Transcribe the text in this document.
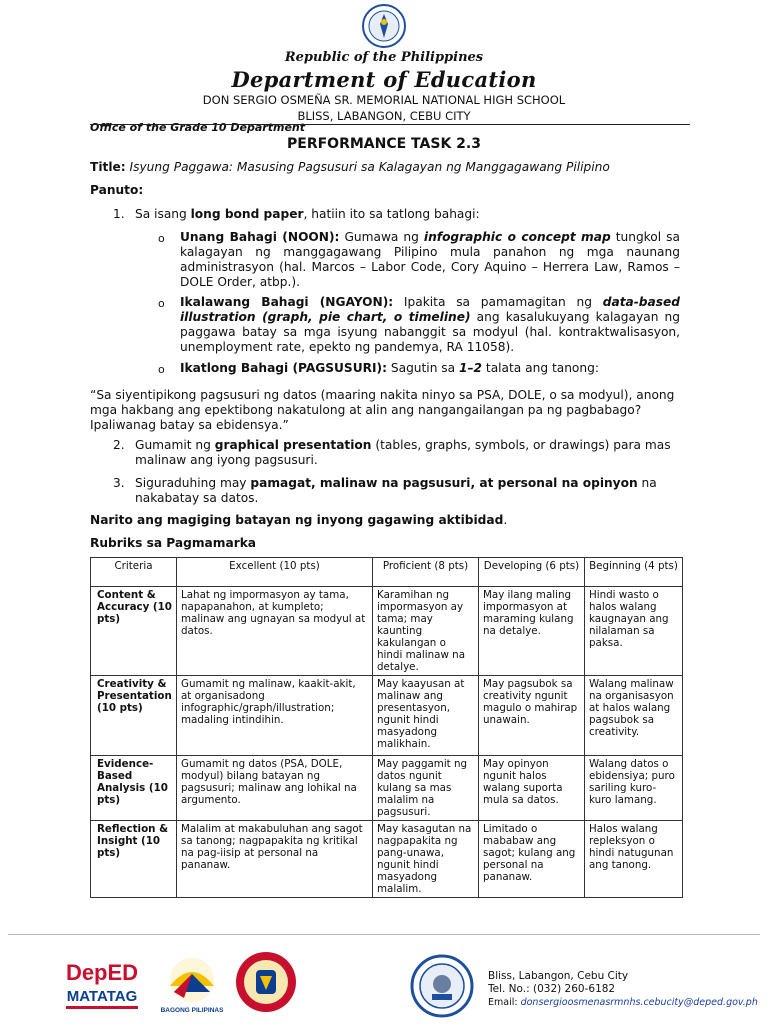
Republic of the Philippines
Department of Education
DON SERGIO OSMEÑA SR. MEMORIAL NATIONAL HIGH SCHOOL
BLISS, LABANGON, CEBU CITY
Office of the Grade 10 Department
PERFORMANCE TASK 2.3
Title: Isyung Paggawa: Masusing Pagsusuri sa Kalagayan ng Manggagawang Pilipino
Panuto:
1. Sa isang long bond paper, hatiin ito sa tatlong bahagi:
o Unang Bahagi (NOON): Gumawa ng infographic o concept map tungkol sa kalagayan ng manggagawang Pilipino mula panahon ng mga naunang administrasyon (hal. Marcos – Labor Code, Cory Aquino – Herrera Law, Ramos – DOLE Order, atbp.).
o Ikalawang Bahagi (NGAYON): Ipakita sa pamamagitan ng data-based illustration (graph, pie chart, o timeline) ang kasalukuyang kalagayan ng paggawa batay sa mga isyung nabanggit sa modyul (hal. kontraktwalisasyon, unemployment rate, epekto ng pandemya, RA 11058).
o Ikatlong Bahagi (PAGSUSURI): Sagutin sa 1–2 talata ang tanong:
“Sa siyentipikong pagsusuri ng datos (maaring nakita ninyo sa PSA, DOLE, o sa modyul), anong mga hakbang ang epektibong nakatulong at alin ang nangangailangan pa ng pagbabago? Ipaliwanag batay sa ebidensya.”
2. Gumamit ng graphical presentation (tables, graphs, symbols, or drawings) para mas malinaw ang iyong pagsusuri.
3. Siguraduhing may pamagat, malinaw na pagsusuri, at personal na opinyon na nakabatay sa datos.
Narito ang magiging batayan ng inyong gagawing aktibidad.
Rubriks sa Pagmamarka
Criteria	Excellent (10 pts)	Proficient (8 pts)	Developing (6 pts)	Beginning (4 pts)
Content & Accuracy (10 pts)	Lahat ng impormasyon ay tama, napapanahon, at kumpleto; malinaw ang ugnayan sa modyul at datos.	Karamihan ng impormasyon ay tama; may kaunting kakulangan o hindi malinaw na detalye.	May ilang maling impormasyon at maraming kulang na detalye.	Hindi wasto o halos walang kaugnayan ang nilalaman sa paksa.
Creativity & Presentation (10 pts)	Gumamit ng malinaw, kaakit-akit, at organisadong infographic/graph/illustration; madaling intindihin.	May kaayusan at malinaw ang presentasyon, ngunit hindi masyadong malikhain.	May pagsubok sa creativity ngunit magulo o mahirap unawain.	Walang malinaw na organisasyon at halos walang pagsubok sa creativity.
Evidence-Based Analysis (10 pts)	Gumamit ng datos (PSA, DOLE, modyul) bilang batayan ng pagsusuri; malinaw ang lohikal na argumento.	May paggamit ng datos ngunit kulang sa mas malalim na pagsusuri.	May opinyon ngunit halos walang suporta mula sa datos.	Walang datos o ebidensiya; puro sariling kuro-kuro lamang.
Reflection & Insight (10 pts)	Malalim at makabuluhan ang sagot sa tanong; nagpapakita ng kritikal na pag-iisip at personal na pananaw.	May kasagutan na nagpapakita ng pang-unawa, ngunit hindi masyadong malalim.	Limitado o mababaw ang sagot; kulang ang personal na pananaw.	Halos walang repleksyon o hindi natugunan ang tanong.
DepED
MATATAG
BAGONG PILIPINAS
Bliss, Labangon, Cebu City
Tel. No.: (032) 260-6182
Email: donsergioosmenasrmnhs.cebucity@deped.gov.ph
